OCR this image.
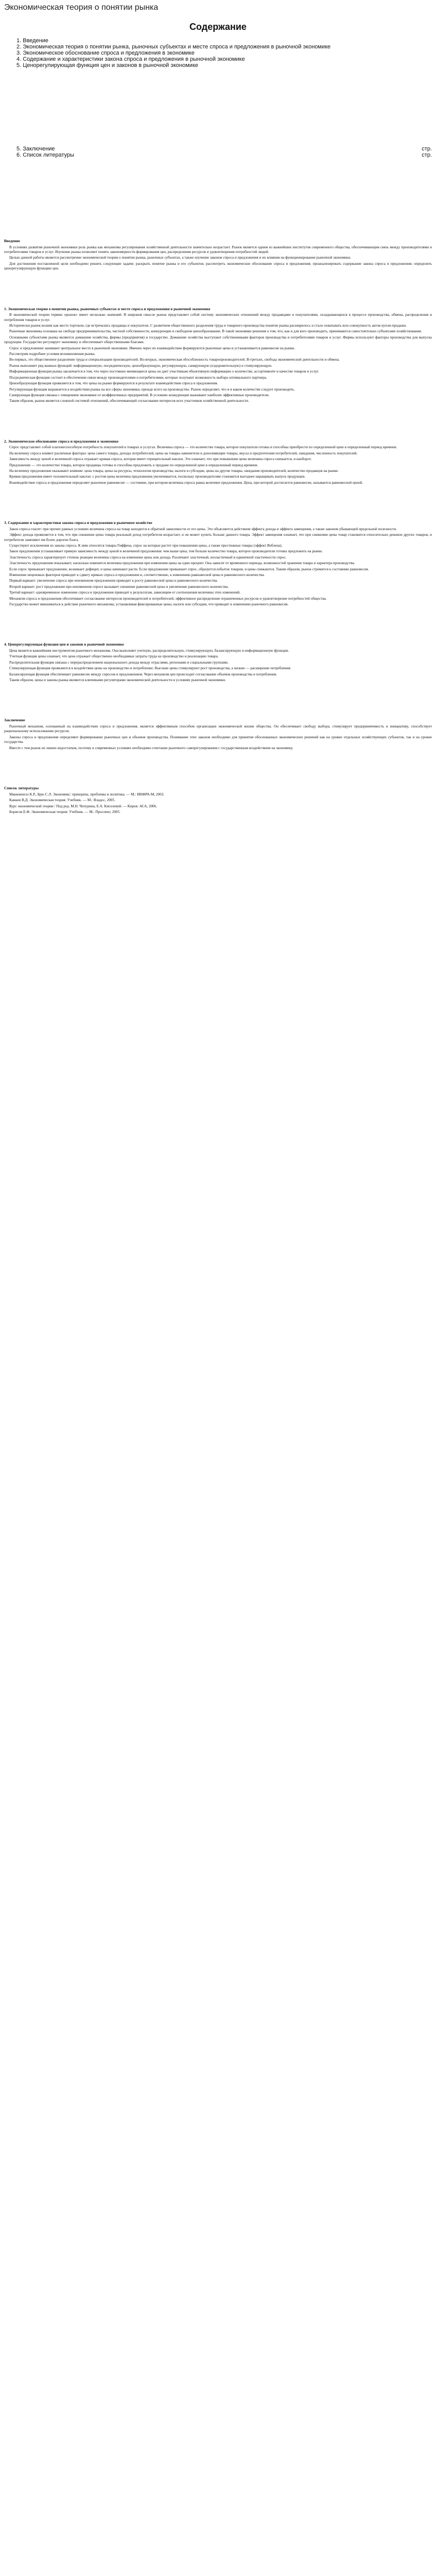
Экономическая теория о понятии рынка
Содержание
1. Введение
2. Экономическая теория о понятии рынка, рыночных субъектах и месте спроса и предложения в рыночной экономике
3. Экономическое обоснование спроса и предложения в экономике
4. Содержание и характеристики закона спроса и предложения в рыночной экономике
5. Ценорегулирующая функция цен и законов в рыночной экономике
5. Заключение	стр.
6. Список литературы	стр.
Введение

В условиях развития рыночной экономики роль рынка как механизма регулирования хозяйственной деятельности значительно возрастает. Рынок является одним из важнейших институтов современного общества, обеспечивающим связь между производителями и потребителями товаров и услуг. Изучение рынка позволяет понять закономерности формирования цен, распределения ресурсов и удовлетворения потребностей людей.

Целью данной работы является рассмотрение экономической теории о понятии рынка, рыночных субъектах, а также изучение законов спроса и предложения и их влияния на функционирование рыночной экономики.

Для достижения поставленной цели необходимо решить следующие задачи: раскрыть понятие рынка и его субъектов; рассмотреть экономическое обоснование спроса и предложения; проанализировать содержание закона спроса и предложения; определить ценорегулирующую функцию цен.

1. Экономическая теория о понятии рынка, рыночных субъектах и месте спроса и предложения в рыночной экономике

В экономической теории термин «рынок» имеет несколько значений. В широком смысле рынок представляет собой систему экономических отношений между продавцами и покупателями, складывающихся в процессе производства, обмена, распределения и потребления товаров и услуг.

Исторически рынок возник как место торговли, где встречались продавцы и покупатели. С развитием общественного разделения труда и товарного производства понятие рынка расширилось и стало охватывать всю совокупность актов купли-продажи.

Рыночная экономика основана на свободе предпринимательства, частной собственности, конкуренции и свободном ценообразовании. В такой экономике решения о том, что, как и для кого производить, принимаются самостоятельно субъектами хозяйствования.

Основными субъектами рынка являются домашние хозяйства, фирмы (предприятия) и государство. Домашние хозяйства выступают собственниками факторов производства и потребителями товаров и услуг. Фирмы используют факторы производства для выпуска продукции. Государство регулирует экономику и обеспечивает общественными благами.

Спрос и предложение занимают центральное место в рыночной экономике. Именно через их взаимодействие формируются рыночные цены и устанавливается равновесие на рынке.

Рассмотрим подробнее условия возникновения рынка.

Во-первых, это общественное разделение труда и специализация производителей. Во-вторых, экономическая обособленность товаропроизводителей. В-третьих, свобода экономической деятельности и обмена.

Рынок выполняет ряд важных функций: информационную, посредническую, ценообразующую, регулирующую, санирующую (оздоровительную) и стимулирующую.

Информационная функция рынка заключается в том, что через постоянно меняющиеся цены он дает участникам объективную информацию о количестве, ассортименте и качестве товаров и услуг.

Посредническая функция состоит в обеспечении связи между производителями и потребителями, которые получают возможность выбора оптимального партнера.

Ценообразующая функция проявляется в том, что цены на рынке формируются в результате взаимодействия спроса и предложения.

Регулирующая функция выражается в воздействии рынка на все сферы экономики, прежде всего на производство. Рынок определяет, что и в каком количестве следует производить.

Санирующая функция связана с очищением экономики от неэффективных предприятий. В условиях конкуренции выживают наиболее эффективные производители.

Таким образом, рынок является сложной системой отношений, обеспечивающей согласование интересов всех участников хозяйственной деятельности.

2. Экономическое обоснование спроса и предложения в экономике

Спрос представляет собой платежеспособную потребность покупателей в товарах и услугах. Величина спроса — это количество товара, которое покупатели готовы и способны приобрести по определенной цене в определенный период времени.

На величину спроса влияют различные факторы: цена самого товара, доходы потребителей, цены на товары-заменители и дополняющие товары, вкусы и предпочтения потребителей, ожидания, численность покупателей.

Зависимость между ценой и величиной спроса отражает кривая спроса, которая имеет отрицательный наклон. Это означает, что при повышении цены величина спроса снижается, и наоборот.

Предложение — это количество товара, которое продавцы готовы и способны предложить к продаже по определенной цене в определенный период времени.

На величину предложения оказывают влияние: цена товара, цены на ресурсы, технология производства, налоги и субсидии, цены на другие товары, ожидания производителей, количество продавцов на рынке.

Кривая предложения имеет положительный наклон: с ростом цены величина предложения увеличивается, поскольку производителям становится выгоднее наращивать выпуск продукции.

Взаимодействие спроса и предложения определяет рыночное равновесие — состояние, при котором величина спроса равна величине предложения. Цена, при которой достигается равновесие, называется равновесной ценой.

3. Содержание и характеристики закона спроса и предложения в рыночном хозяйстве

Закон спроса гласит: при прочих равных условиях величина спроса на товар находится в обратной зависимости от его цены. Это объясняется действием эффекта дохода и эффекта замещения, а также законом убывающей предельной полезности.

Эффект дохода проявляется в том, что при снижении цены товара реальный доход потребителя возрастает, и он может купить больше данного товара. Эффект замещения означает, что при снижении цены товар становится относительно дешевле других товаров, и потребители заменяют им более дорогие блага.

Существуют исключения из закона спроса. К ним относятся товары Гиффена, спрос на которые растет при повышении цены, а также престижные товары (эффект Веблена).

Закон предложения устанавливает прямую зависимость между ценой и величиной предложения: чем выше цена, тем больше количество товара, которое производители готовы предложить на рынке.

Эластичность спроса характеризует степень реакции величины спроса на изменение цены или дохода. Различают эластичный, неэластичный и единичной эластичности спрос.

Эластичность предложения показывает, насколько изменится величина предложения при изменении цены на один процент. Она зависит от временного периода, возможностей хранения товара и характера производства.

Если спрос превышает предложение, возникает дефицит, и цены начинают расти. Если предложение превышает спрос, образуется избыток товаров, и цены снижаются. Таким образом, рынок стремится к состоянию равновесия.

Изменение неценовых факторов приводит к сдвигу кривых спроса и предложения и, соответственно, к изменению равновесной цены и равновесного количества.

Первый вариант: увеличение спроса при неизменном предложении приводит к росту равновесной цены и равновесного количества.

Второй вариант: рост предложения при неизменном спросе вызывает снижение равновесной цены и увеличение равновесного количества.

Третий вариант: одновременное изменение спроса и предложения приводит к результатам, зависящим от соотношения величины этих изменений.

Механизм спроса и предложения обеспечивает согласование интересов производителей и потребителей, эффективное распределение ограниченных ресурсов и удовлетворение потребностей общества.

Государство может вмешиваться в действие рыночного механизма, устанавливая фиксированные цены, налоги или субсидии, что приводит к изменению рыночного равновесия.

4. Ценорегулирующая функция цен и законов в рыночной экономике

Цена является важнейшим инструментом рыночного механизма. Она выполняет учетную, распределительную, стимулирующую, балансирующую и информационную функции.

Учетная функция цены означает, что цена отражает общественно необходимые затраты труда на производство и реализацию товара.

Распределительная функция связана с перераспределением национального дохода между отраслями, регионами и социальными группами.

Стимулирующая функция проявляется в воздействии цены на производство и потребление. Высокие цены стимулируют рост производства, а низкие — расширение потребления.

Балансирующая функция обеспечивает равновесие между спросом и предложением. Через механизм цен происходит согласование объемов производства и потребления.

Таким образом, цены и законы рынка являются ключевыми регуляторами экономической деятельности в условиях рыночной экономики.

Заключение

Рыночный механизм, основанный на взаимодействии спроса и предложения, является эффективным способом организации экономической жизни общества. Он обеспечивает свободу выбора, стимулирует предприимчивость и инициативу, способствует рациональному использованию ресурсов.

Законы спроса и предложения определяют формирование рыночных цен и объемов производства. Понимание этих законов необходимо для принятия обоснованных экономических решений как на уровне отдельных хозяйствующих субъектов, так и на уровне государства.

Вместе с тем рынок не лишен недостатков, поэтому в современных условиях необходимо сочетание рыночного саморегулирования с государственным воздействием на экономику.

Список литературы

Макконнелл К.Р., Брю С.Л. Экономикс: принципы, проблемы и политика. — М.: ИНФРА-М, 2003.

Камаев В.Д. Экономическая теория: Учебник. — М.: Владос, 2005.

Курс экономической теории / Под ред. М.Н. Чепурина, Е.А. Киселевой. — Киров: АСА, 2006.

Борисов Е.Ф. Экономическая теория: Учебник. — М.: Проспект, 2005.
